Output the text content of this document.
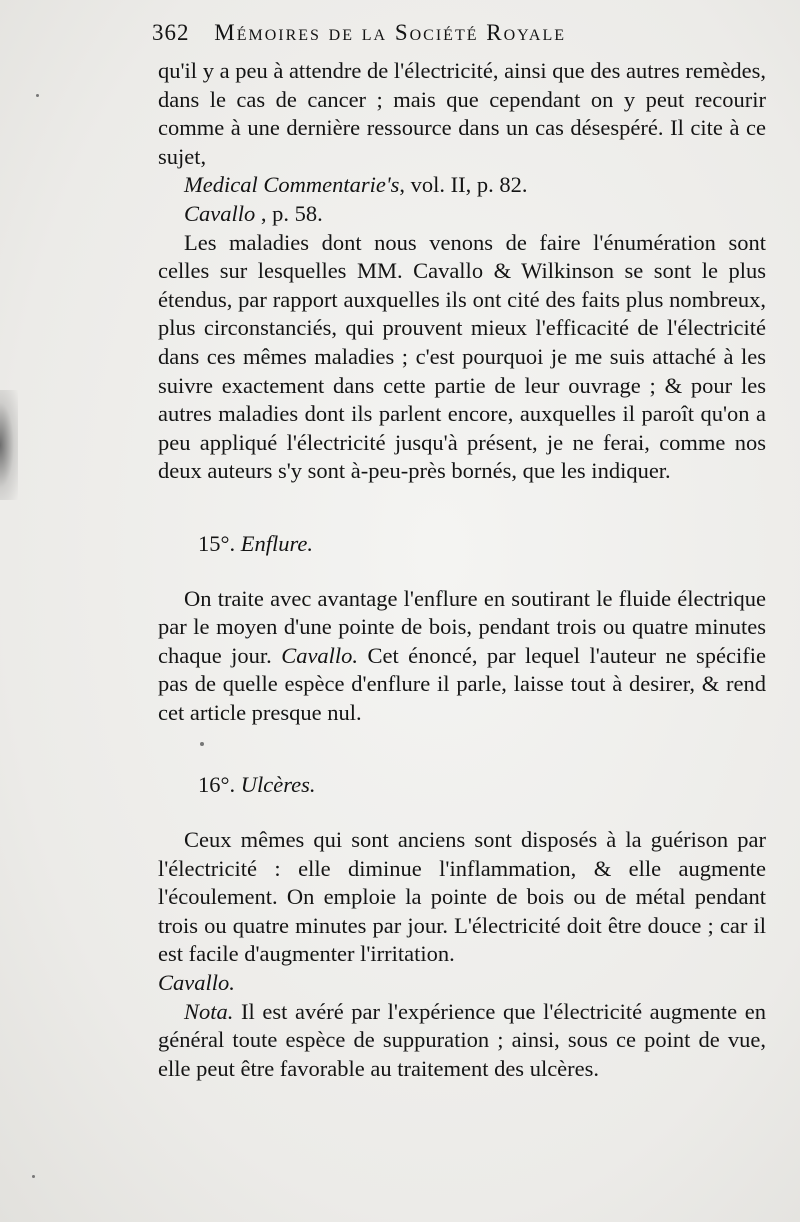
362 Mémoires de la Société Royale

qu'il y a peu à attendre de l'électricité, ainsi que des autres remèdes, dans le cas de cancer ; mais que cependant on y peut recourir comme à une dernière ressource dans un cas désespéré. Il cite à ce sujet,

Medical Commentarie's, vol. II, p. 82.

Cavallo , p. 58.

Les maladies dont nous venons de faire l'énumération sont celles sur lesquelles MM. Cavallo & Wilkinson se sont le plus étendus, par rapport auxquelles ils ont cité des faits plus nombreux, plus circonstanciés, qui prouvent mieux l'efficacité de l'électricité dans ces mêmes maladies ; c'est pourquoi je me suis attaché à les suivre exactement dans cette partie de leur ouvrage ; & pour les autres maladies dont ils parlent encore, auxquelles il paroît qu'on a peu appliqué l'électricité jusqu'à présent, je ne ferai, comme nos deux auteurs s'y sont à-peu-près bornés, que les indiquer.

15°. Enflure.

On traite avec avantage l'enflure en soutirant le fluide électrique par le moyen d'une pointe de bois, pendant trois ou quatre minutes chaque jour. Cavallo. Cet énoncé, par lequel l'auteur ne spécifie pas de quelle espèce d'enflure il parle, laisse tout à desirer, & rend cet article presque nul.

16°. Ulcères.

Ceux mêmes qui sont anciens sont disposés à la guérison par l'électricité : elle diminue l'inflammation, & elle augmente l'écoulement. On emploie la pointe de bois ou de métal pendant trois ou quatre minutes par jour. L'électricité doit être douce ; car il est facile d'augmenter l'irritation.

Cavallo.

Nota. Il est avéré par l'expérience que l'électricité augmente en général toute espèce de suppuration ; ainsi, sous ce point de vue, elle peut être favorable au traitement des ulcères.
